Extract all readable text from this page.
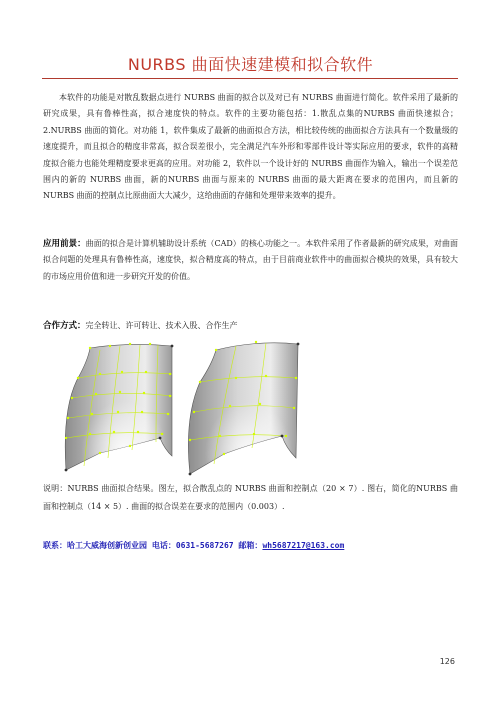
NURBS 曲面快速建模和拟合软件
本软件的功能是对散乱数据点进行 NURBS 曲面的拟合以及对已有 NURBS 曲面进行简化。软件采用了最新的研究成果，具有鲁棒性高，拟合速度快的特点。软件的主要功能包括：1.散乱点集的NURBS 曲面快速拟合；2.NURBS 曲面的简化。对功能 1，软件集成了最新的曲面拟合方法，相比较传统的曲面拟合方法具有一个数量级的速度提升，而且拟合的精度非常高，拟合误差很小，完全满足汽车外形和零部件设计等实际应用的要求，软件的高精度拟合能力也能处理精度要求更高的应用。对功能 2，软件以一个设计好的 NURBS 曲面作为输入，输出一个误差范围内的新的 NURBS 曲面，新的NURBS 曲面与原来的 NURBS 曲面的最大距离在要求的范围内，而且新的 NURBS 曲面的控制点比原曲面大大减少，这给曲面的存储和处理带来效率的提升。
应用前景：曲面的拟合是计算机辅助设计系统（CAD）的核心功能之一。本软件采用了作者最新的研究成果，对曲面拟合问题的处理具有鲁棒性高，速度快，拟合精度高的特点，由于目前商业软件中的曲面拟合模块的效果，具有较大的市场应用价值和进一步研究开发的价值。
合作方式：完全转让、许可转让、技术入股、合作生产
说明：NURBS 曲面拟合结果。图左，拟合散乱点的 NURBS 曲面和控制点（20 × 7）. 图右，简化的NURBS 曲面和控制点（14 × 5）. 曲面的拟合误差在要求的范围内（0.003）.
联系：哈工大威海创新创业园 电话：0631-5687267 邮箱：wh5687217@163.com
126
